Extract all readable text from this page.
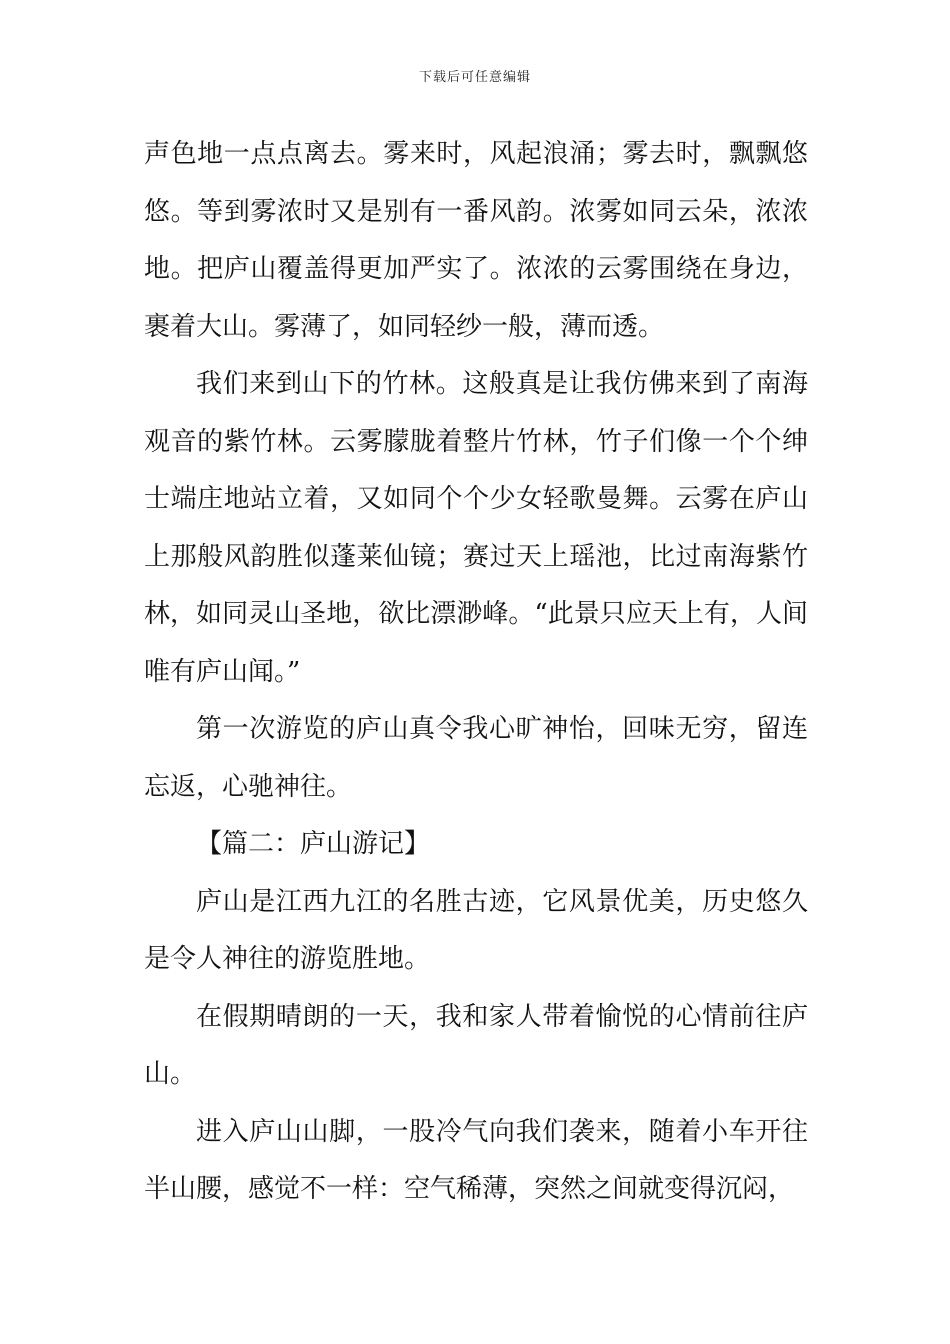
下载后可任意编辑

声色地一点点离去。雾来时，风起浪涌；雾去时，飘飘悠悠。等到雾浓时又是别有一番风韵。浓雾如同云朵，浓浓地。把庐山覆盖得更加严实了。浓浓的云雾围绕在身边，裹着大山。雾薄了，如同轻纱一般，薄而透。

我们来到山下的竹林。这般真是让我仿佛来到了南海观音的紫竹林。云雾朦胧着整片竹林，竹子们像一个个绅士端庄地站立着，又如同个个少女轻歌曼舞。云雾在庐山上那般风韵胜似蓬莱仙镜；赛过天上瑶池，比过南海紫竹林，如同灵山圣地，欲比漂渺峰。“此景只应天上有，人间唯有庐山闻。”

第一次游览的庐山真令我心旷神怡，回味无穷，留连忘返，心驰神往。

【篇二：庐山游记】

庐山是江西九江的名胜古迹，它风景优美，历史悠久是令人神往的游览胜地。

在假期晴朗的一天，我和家人带着愉悦的心情前往庐山。

进入庐山山脚，一股冷气向我们袭来，随着小车开往半山腰，感觉不一样：空气稀薄，突然之间就变得沉闷，
